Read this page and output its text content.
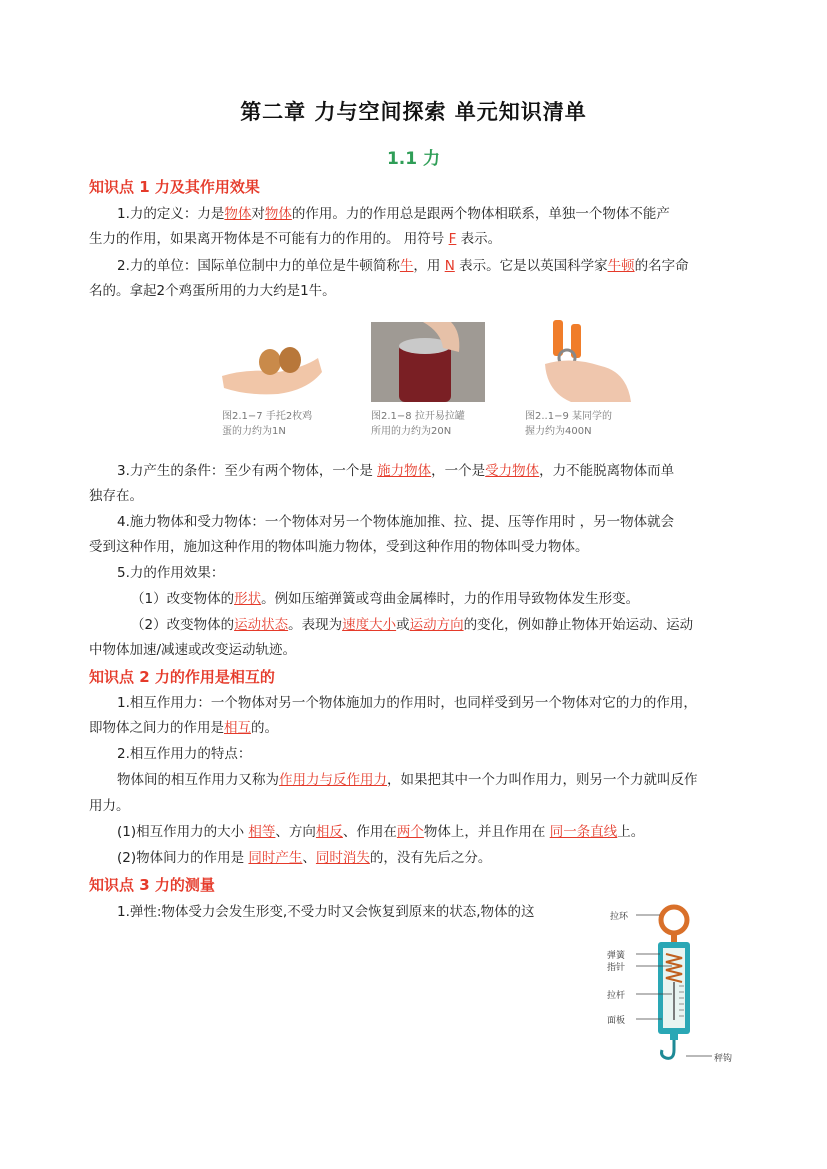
第二章 力与空间探索 单元知识清单
1.1 力
知识点 1 力及其作用效果
1.力的定义：力是物体对物体的作用。力的作用总是跟两个物体相联系，单独一个物体不能产
生力的作用，如果离开物体是不可能有力的作用的。 用符号 F 表示。
2.力的单位：国际单位制中力的单位是牛顿简称牛，用 N 表示。它是以英国科学家牛顿的名字命
名的。拿起2个鸡蛋所用的力大约是1牛。
图2.1−7 手托2枚鸡
蛋的力约为1N
图2.1−8 拉开易拉罐
所用的力约为20N
图2..1−9 某同学的
握力约为400N
3.力产生的条件：至少有两个物体，一个是 施力物体，一个是受力物体，力不能脱离物体而单
独存在。
4.施力物体和受力物体：一个物体对另一个物体施加推、拉、提、压等作用时 ，另一物体就会
受到这种作用，施加这种作用的物体叫施力物体，受到这种作用的物体叫受力物体。
5.力的作用效果：
（1）改变物体的形状。例如压缩弹簧或弯曲金属棒时，力的作用导致物体发生形变。
（2）改变物体的运动状态。表现为速度大小或运动方向的变化，例如静止物体开始运动、运动
中物体加速/减速或改变运动轨迹。
知识点 2 力的作用是相互的
1.相互作用力：一个物体对另一个物体施加力的作用时，也同样受到另一个物体对它的力的作用，
即物体之间力的作用是相互的。
2.相互作用力的特点：
物体间的相互作用力又称为作用力与反作用力，如果把其中一个力叫作用力，则另一个力就叫反作
用力。
(1)相互作用力的大小 相等、方向相反、作用在两个物体上，并且作用在 同一条直线上。
(2)物体间力的作用是 同时产生、同时消失的，没有先后之分。
知识点 3 力的测量
1.弹性:物体受力会发生形变,不受力时又会恢复到原来的状态,物体的这	拉环
弹簧
指针
拉杆
面板
秤钩
